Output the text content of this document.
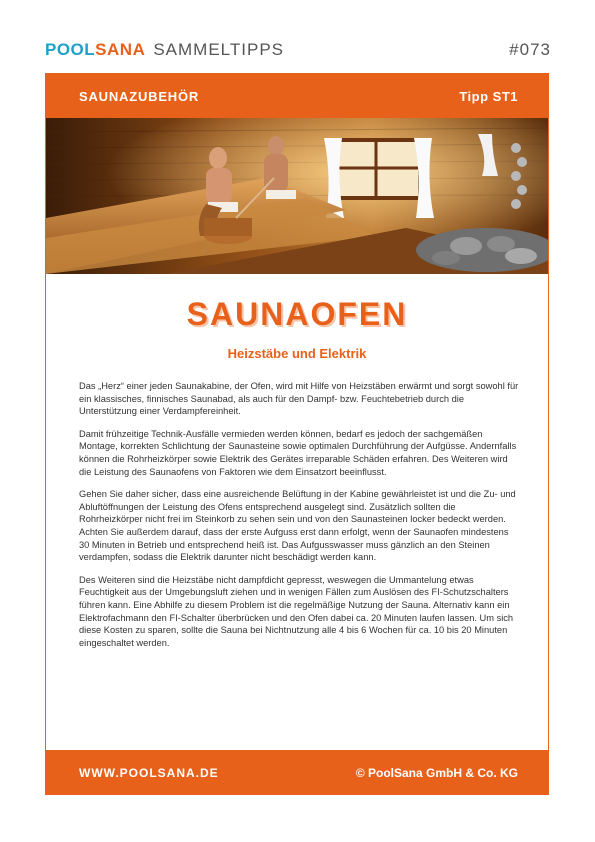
POOLSANA SAMMELTIPPS	#073
SAUNAZUBEHÖR	Tipp ST1
SAUNAOFEN
Heizstäbe und Elektrik

Das „Herz“ einer jeden Saunakabine, der Ofen, wird mit Hilfe von Heizstäben erwärmt und sorgt sowohl für ein klassisches, finnisches Saunabad, als auch für den Dampf- bzw. Feuchtebetrieb durch die Unterstützung einer Verdampfereinheit.

Damit frühzeitige Technik-Ausfälle vermieden werden können, bedarf es jedoch der sachgemäßen Montage, korrekten Schlichtung der Saunasteine sowie optimalen Durchführung der Aufgüsse. Andernfalls können die Rohrheizkörper sowie Elektrik des Gerätes irreparable Schäden erfahren. Des Weiteren wird die Leistung des Saunaofens von Faktoren wie dem Einsatzort beeinflusst.

Gehen Sie daher sicher, dass eine ausreichende Belüftung in der Kabine gewährleistet ist und die Zu- und Abluftöffnungen der Leistung des Ofens entsprechend ausgelegt sind. Zusätzlich sollten die Rohrheizkörper nicht frei im Steinkorb zu sehen sein und von den Saunasteinen locker bedeckt werden. Achten Sie außerdem darauf, dass der erste Aufguss erst dann erfolgt, wenn der Saunaofen mindestens 30 Minuten in Betrieb und entsprechend heiß ist. Das Aufgusswasser muss gänzlich an den Steinen verdampfen, sodass die Elektrik darunter nicht beschädigt werden kann.

Des Weiteren sind die Heizstäbe nicht dampfdicht gepresst, weswegen die Ummantelung etwas Feuchtigkeit aus der Umgebungsluft ziehen und in wenigen Fällen zum Auslösen des FI-Schutzschalters führen kann. Eine Abhilfe zu diesem Problem ist die regelmäßige Nutzung der Sauna. Alternativ kann ein Elektrofachmann den FI-Schalter überbrücken und den Ofen dabei ca. 20 Minuten laufen lassen. Um sich diese Kosten zu sparen, sollte die Sauna bei Nichtnutzung alle 4 bis 6 Wochen für ca. 10 bis 20 Minuten eingeschaltet werden.

WWW.POOLSANA.DE	© PoolSana GmbH & Co. KG
